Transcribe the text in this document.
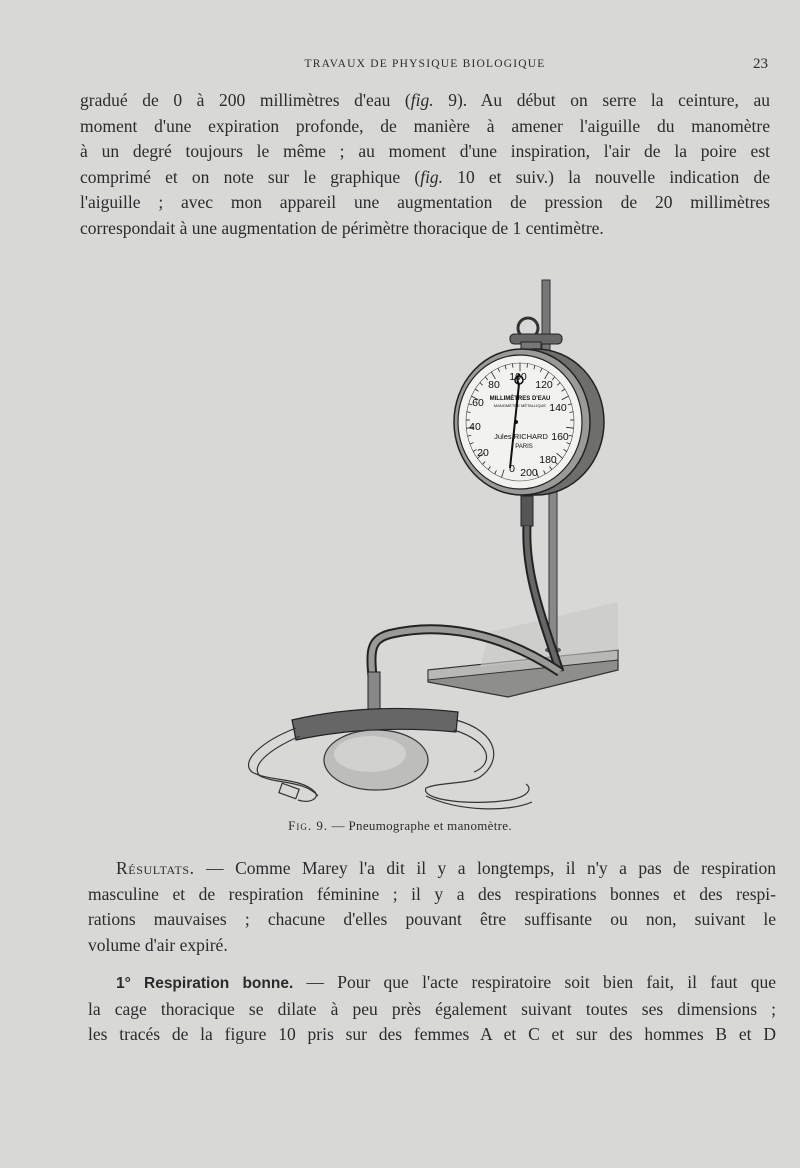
TRAVAUX DE PHYSIQUE BIOLOGIQUE	23

gradué de 0 à 200 millimètres d'eau (fig. 9). Au début on serre la ceinture, au
moment d'une expiration profonde, de manière à amener l'aiguille du manomètre
à un degré toujours le même ; au moment d'une inspiration, l'air de la poire est
comprimé et on note sur le graphique (fig. 10 et suiv.) la nouvelle indication de
l'aiguille ; avec mon appareil une augmentation de pression de 20 millimètres
correspondait à une augmentation de périmètre thoracique de 1 centimètre.

0
20
40
60
80
100
120
140
160
180
200
MILLIMÈTRES D'EAU
MANOMÈTRE MÉTALLIQUE
Jules RICHARD
PARIS
Fig. 9. — Pneumographe et manomètre.

Résultats. — Comme Marey l'a dit il y a longtemps, il n'y a pas de respiration
masculine et de respiration féminine ; il y a des respirations bonnes et des respi-
rations mauvaises ; chacune d'elles pouvant être suffisante ou non, suivant le
volume d'air expiré.

1° Respiration bonne. — Pour que l'acte respiratoire soit bien fait, il faut que
la cage thoracique se dilate à peu près également suivant toutes ses dimensions ;
les tracés de la figure 10 pris sur des femmes A et C et sur des hommes B et D
